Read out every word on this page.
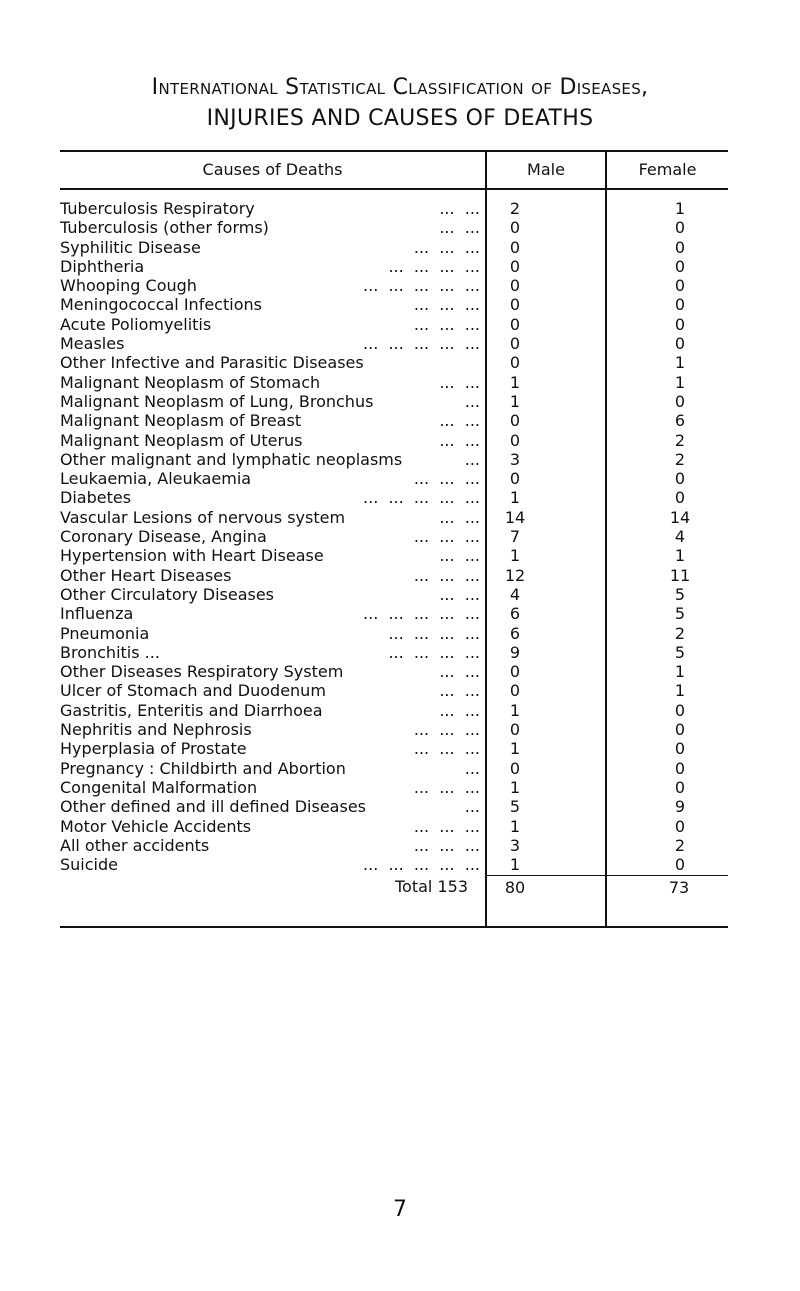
International Statistical Classification of Diseases,
INJURIES AND CAUSES OF DEATHS
Causes of Deaths	Male	Female
Tuberculosis Respiratory	...  ...	2	1
Tuberculosis (other forms)	...  ...	0	0
Syphilitic Disease	...  ...  ...	0	0
Diphtheria	...  ...  ...  ...	0	0
Whooping Cough	...  ...  ...  ...  ...	0	0
Meningococcal Infections	...  ...  ...	0	0
Acute Poliomyelitis	...  ...  ...	0	0
Measles	...  ...  ...  ...  ...	0	0
Other Infective and Parasitic Diseases	0	1
Malignant Neoplasm of Stomach	...  ...	1	1
Malignant Neoplasm of Lung, Bronchus	...	1	0
Malignant Neoplasm of Breast	...  ...	0	6
Malignant Neoplasm of Uterus	...  ...	0	2
Other malignant and lymphatic neoplasms	...	3	2
Leukaemia, Aleukaemia	...  ...  ...	0	0
Diabetes	...  ...  ...  ...  ...	1	0
Vascular Lesions of nervous system	...  ...	14	14
Coronary Disease, Angina	...  ...  ...	7	4
Hypertension with Heart Disease	...  ...	1	1
Other Heart Diseases	...  ...  ...	12	11
Other Circulatory Diseases	...  ...	4	5
Influenza	...  ...  ...  ...  ...	6	5
Pneumonia	...  ...  ...  ...	6	2
Bronchitis ...	...  ...  ...  ...	9	5
Other Diseases Respiratory System	...  ...	0	1
Ulcer of Stomach and Duodenum	...  ...	0	1
Gastritis, Enteritis and Diarrhoea	...  ...	1	0
Nephritis and Nephrosis	...  ...  ...	0	0
Hyperplasia of Prostate	...  ...  ...	1	0
Pregnancy : Childbirth and Abortion	...	0	0
Congenital Malformation	...  ...  ...	1	0
Other defined and ill defined Diseases	...	5	9
Motor Vehicle Accidents	...  ...  ...	1	0
All other accidents	...  ...  ...	3	2
Suicide	...  ...  ...  ...  ...	1	0
Total 153	80	73
7
